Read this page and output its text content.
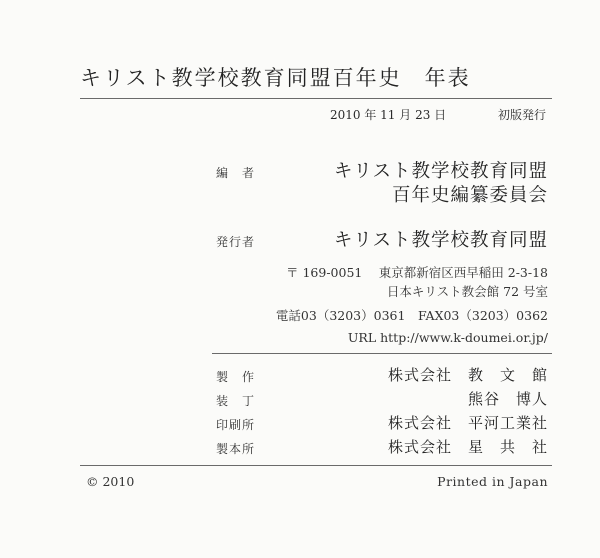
キリスト教学校教育同盟百年史　年表
2010 年 11 月 23 日	初版発行
編　者	キリスト教学校教育同盟
百年史編纂委員会
発行者	キリスト教学校教育同盟
〒 169-0051 東京都新宿区西早稲田 2-3-18
日本キリスト教会館 72 号室
電話03（3203）0361　FAX03（3203）0362
URL http://www.k-doumei.or.jp/
製　作	株式会社　教　文　館
装　丁	熊谷　博人
印刷所	株式会社　平河工業社
製本所	株式会社　星　共　社
© 2010	Printed in Japan
